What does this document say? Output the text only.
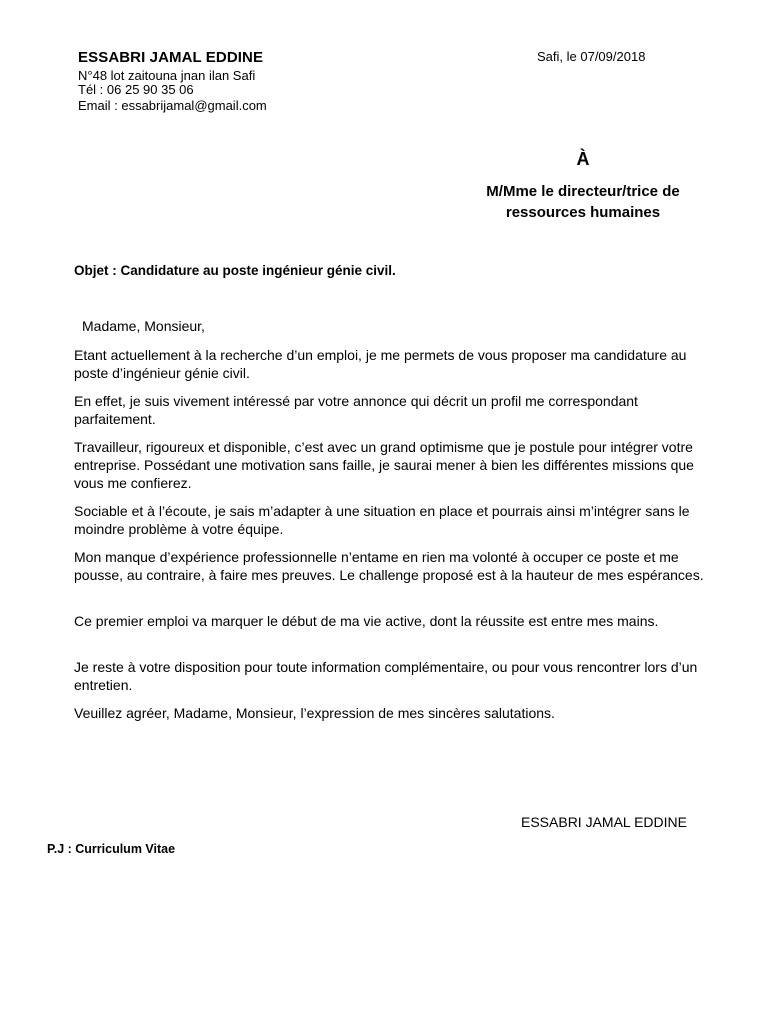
ESSABRI JAMAL EDDINE
N°48 lot zaitouna jnan ilan Safi
Tél : 06 25 90 35 06
Email : essabrijamal@gmail.com
Safi, le 07/09/2018
À
M/Mme le directeur/trice de
ressources humaines
Objet : Candidature au poste ingénieur génie civil.
Madame, Monsieur,

Etant actuellement à la recherche d’un emploi, je me permets de vous proposer ma candidature au poste d’ingénieur génie civil.

En effet, je suis vivement intéressé par votre annonce qui décrit un profil me correspondant parfaitement.

Travailleur, rigoureux et disponible, c’est avec un grand optimisme que je postule pour intégrer votre entreprise. Possédant une motivation sans faille, je saurai mener à bien les différentes missions que vous me confierez.

Sociable et à l’écoute, je sais m’adapter à une situation en place et pourrais ainsi m’intégrer sans le moindre problème à votre équipe.

Mon manque d’expérience professionnelle n’entame en rien ma volonté à occuper ce poste et me pousse, au contraire, à faire mes preuves. Le challenge proposé est à la hauteur de mes espérances.

Ce premier emploi va marquer le début de ma vie active, dont la réussite est entre mes mains.

Je reste à votre disposition pour toute information complémentaire, ou pour vous rencontrer lors d’un entretien.

Veuillez agréer, Madame, Monsieur, l’expression de mes sincères salutations.

ESSABRI JAMAL EDDINE
P.J : Curriculum Vitae
